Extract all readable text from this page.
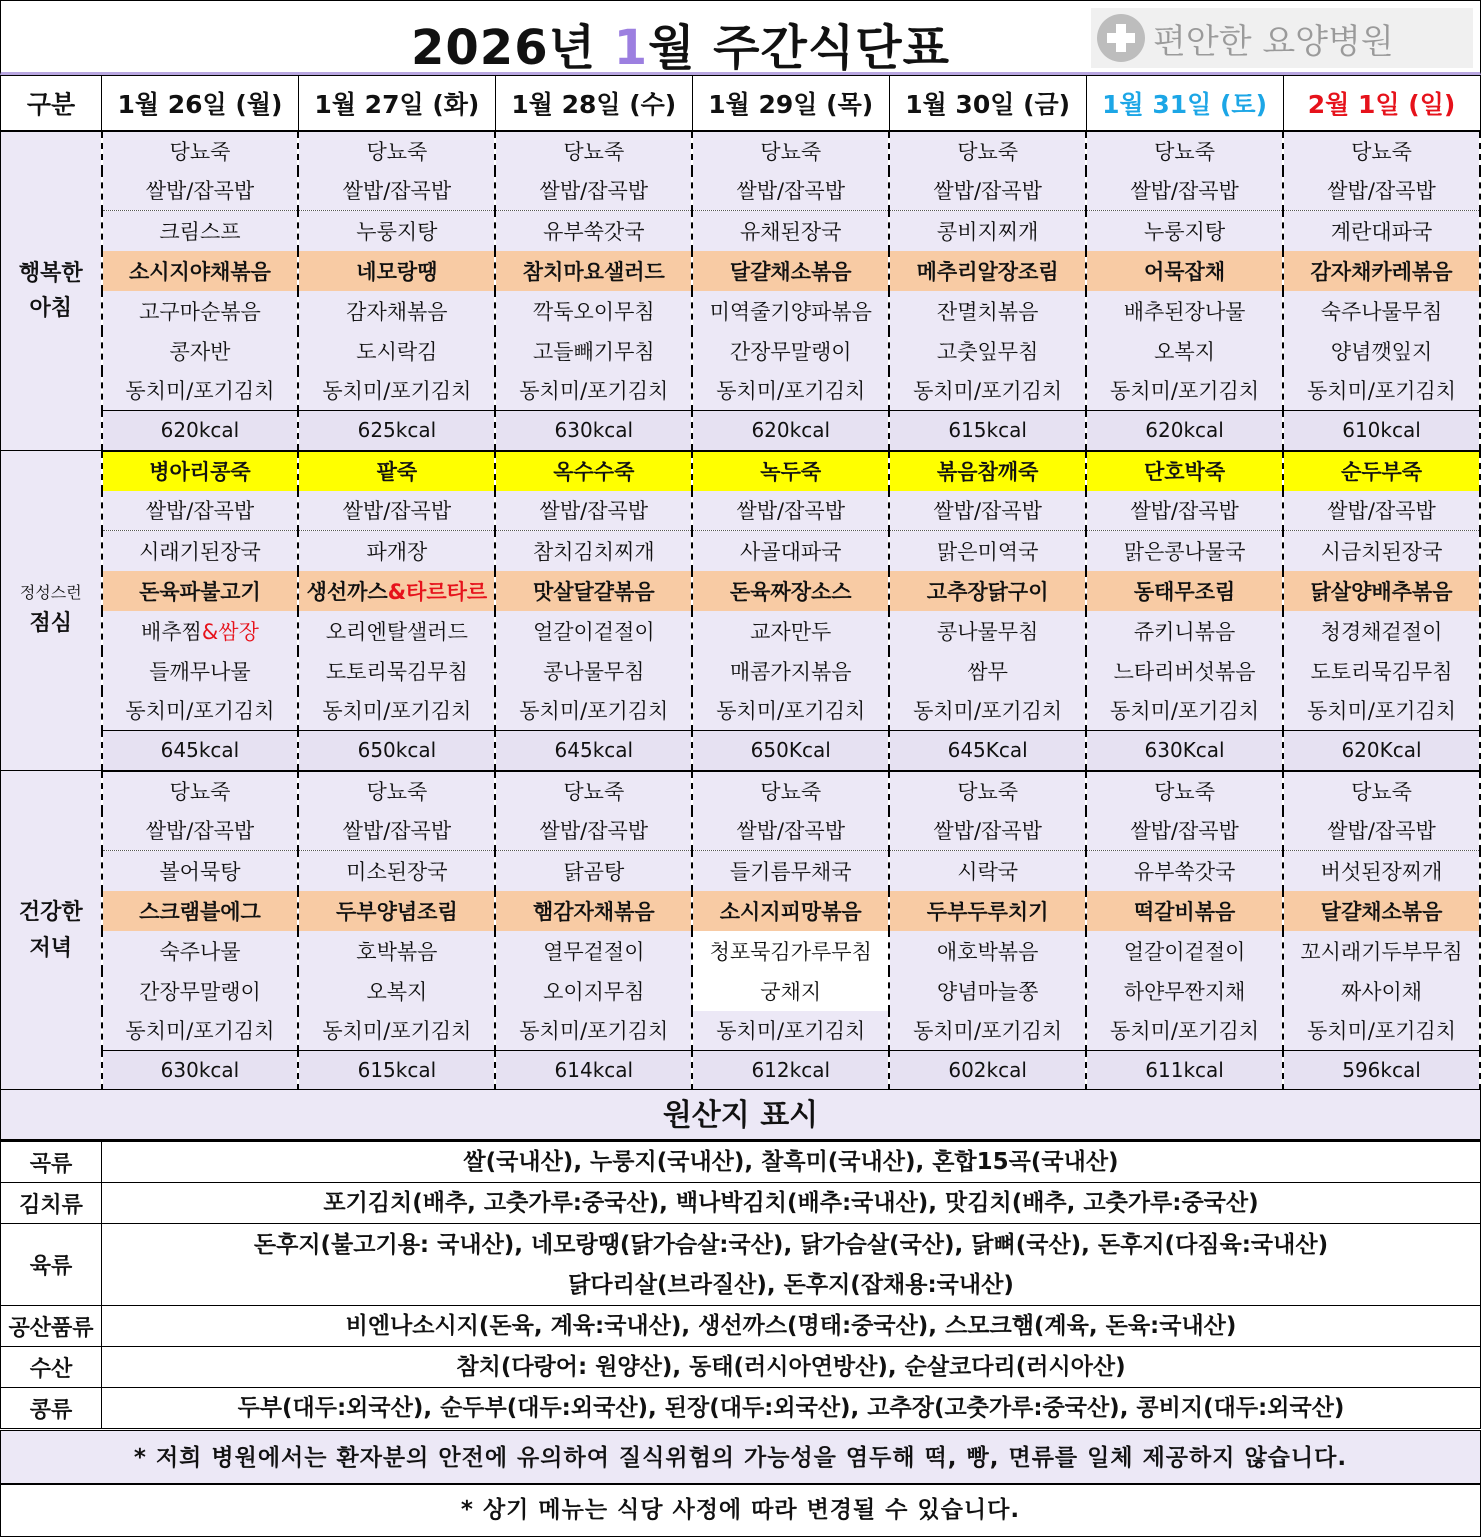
2026년 1월 주간식단표	편안한 요양병원
구분	1월 26일 (월)	1월 27일 (화)	1월 28일 (수)	1월 29일 (목)	1월 30일 (금)	1월 31일 (토)	2월 1일 (일)

행복한
아침	당뇨죽	당뇨죽	당뇨죽	당뇨죽	당뇨죽	당뇨죽	당뇨죽
	쌀밥/잡곡밥	쌀밥/잡곡밥	쌀밥/잡곡밥	쌀밥/잡곡밥	쌀밥/잡곡밥	쌀밥/잡곡밥	쌀밥/잡곡밥
	크림스프	누룽지탕	유부쑥갓국	유채된장국	콩비지찌개	누룽지탕	계란대파국
	소시지야채볶음	네모랑땡	참치마요샐러드	달걀채소볶음	메추리알장조림	어묵잡채	감자채카레볶음
	고구마순볶음	감자채볶음	깍둑오이무침	미역줄기양파볶음	잔멸치볶음	배추된장나물	숙주나물무침
	콩자반	도시락김	고들빼기무침	간장무말랭이	고춧잎무침	오복지	양념깻잎지
	동치미/포기김치	동치미/포기김치	동치미/포기김치	동치미/포기김치	동치미/포기김치	동치미/포기김치	동치미/포기김치
	620kcal	625kcal	630kcal	620kcal	615kcal	620kcal	610kcal

정성스런
점심	병아리콩죽	팥죽	옥수수죽	녹두죽	볶음참깨죽	단호박죽	순두부죽
	쌀밥/잡곡밥	쌀밥/잡곡밥	쌀밥/잡곡밥	쌀밥/잡곡밥	쌀밥/잡곡밥	쌀밥/잡곡밥	쌀밥/잡곡밥
	시래기된장국	파개장	참치김치찌개	사골대파국	맑은미역국	맑은콩나물국	시금치된장국
	돈육파불고기	생선까스&타르타르	맛살달걀볶음	돈육짜장소스	고추장닭구이	동태무조림	닭살양배추볶음
	배추찜&쌈장	오리엔탈샐러드	얼갈이겉절이	교자만두	콩나물무침	쥬키니볶음	청경채겉절이
	들깨무나물	도토리묵김무침	콩나물무침	매콤가지볶음	쌈무	느타리버섯볶음	도토리묵김무침
	동치미/포기김치	동치미/포기김치	동치미/포기김치	동치미/포기김치	동치미/포기김치	동치미/포기김치	동치미/포기김치
	645kcal	650kcal	645kcal	650Kcal	645Kcal	630Kcal	620Kcal

건강한
저녁	당뇨죽	당뇨죽	당뇨죽	당뇨죽	당뇨죽	당뇨죽	당뇨죽
	쌀밥/잡곡밥	쌀밥/잡곡밥	쌀밥/잡곡밥	쌀밥/잡곡밥	쌀밥/잡곡밥	쌀밥/잡곡밥	쌀밥/잡곡밥
	볼어묵탕	미소된장국	닭곰탕	들기름무채국	시락국	유부쑥갓국	버섯된장찌개
	스크램블에그	두부양념조림	햄감자채볶음	소시지피망볶음	두부두루치기	떡갈비볶음	달걀채소볶음
	숙주나물	호박볶음	열무겉절이	청포묵김가루무침	애호박볶음	얼갈이겉절이	꼬시래기두부무침
	간장무말랭이	오복지	오이지무침	궁채지	양념마늘쫑	하얀무짠지채	짜사이채
	동치미/포기김치	동치미/포기김치	동치미/포기김치	동치미/포기김치	동치미/포기김치	동치미/포기김치	동치미/포기김치
	630kcal	615kcal	614kcal	612kcal	602kcal	611kcal	596kcal
원산지 표시
곡류	쌀(국내산), 누룽지(국내산), 찰흑미(국내산), 혼합15곡(국내산)

김치류	포기김치(배추, 고춧가루:중국산), 백나박김치(배추:국내산), 맛김치(배추, 고춧가루:중국산)

육류	돈후지(불고기용: 국내산), 네모랑땡(닭가슴살:국산), 닭가슴살(국산), 닭뼈(국산), 돈후지(다짐육:국내산)
닭다리살(브라질산), 돈후지(잡채용:국내산)

공산품류	비엔나소시지(돈육, 계육:국내산), 생선까스(명태:중국산), 스모크햄(계육, 돈육:국내산)

수산	참치(다랑어: 원양산), 동태(러시아연방산), 순살코다리(러시아산)

콩류	두부(대두:외국산), 순두부(대두:외국산), 된장(대두:외국산), 고추장(고춧가루:중국산), 콩비지(대두:외국산)
* 저희 병원에서는 환자분의 안전에 유의하여 질식위험의 가능성을 염두해 떡, 빵, 면류를 일체 제공하지 않습니다.
* 상기 메뉴는 식당 사정에 따라 변경될 수 있습니다.
